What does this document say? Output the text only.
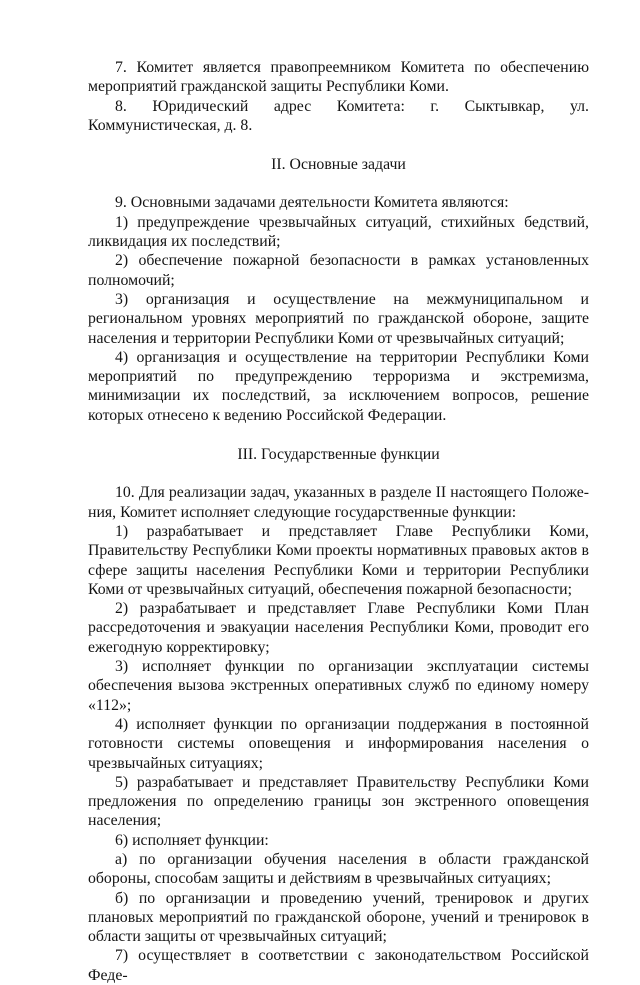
7. Комитет является правопреемником Комитета по обеспечению мероприятий гражданской защиты Республики Коми.

8. Юридический адрес Комитета: г. Сыктывкар, ул. Коммунистическая, д. 8.

II. Основные задачи

9. Основными задачами деятельности Комитета являются:

1) предупреждение чрезвычайных ситуаций, стихийных бедствий, ликвидация их последствий;

2) обеспечение пожарной безопасности в рамках установленных полномочий;

3) организация и осуществление на межмуниципальном и региональном уровнях мероприятий по гражданской обороне, защите населения и территории Республики Коми от чрезвычайных ситуаций;

4) организация и осуществление на территории Республики Коми мероприятий по предупреждению терроризма и экстремизма, минимизации их последствий, за исключением вопросов, решение которых отнесено к ведению Российской Федерации.

III. Государственные функции

10. Для реализации задач, указанных в разделе II настоящего Положения, Комитет исполняет следующие государственные функции:

1) разрабатывает и представляет Главе Республики Коми, Правительству Республики Коми проекты нормативных правовых актов в сфере защиты населения Республики Коми и территории Республики Коми от чрезвычайных ситуаций, обеспечения пожарной безопасности;

2) разрабатывает и представляет Главе Республики Коми План рассредоточения и эвакуации населения Республики Коми, проводит его ежегодную корректировку;

3) исполняет функции по организации эксплуатации системы обеспечения вызова экстренных оперативных служб по единому номеру «112»;

4) исполняет функции по организации поддержания в постоянной готовности системы оповещения и информирования населения о чрезвычайных ситуациях;

5) разрабатывает и представляет Правительству Республики Коми предложения по определению границы зон экстренного оповещения населения;

6) исполняет функции:

а) по организации обучения населения в области гражданской обороны, способам защиты и действиям в чрезвычайных ситуациях;

б) по организации и проведению учений, тренировок и других плановых мероприятий по гражданской обороне, учений и тренировок в области защиты от чрезвычайных ситуаций;

7) осуществляет в соответствии с законодательством Российской Феде-
